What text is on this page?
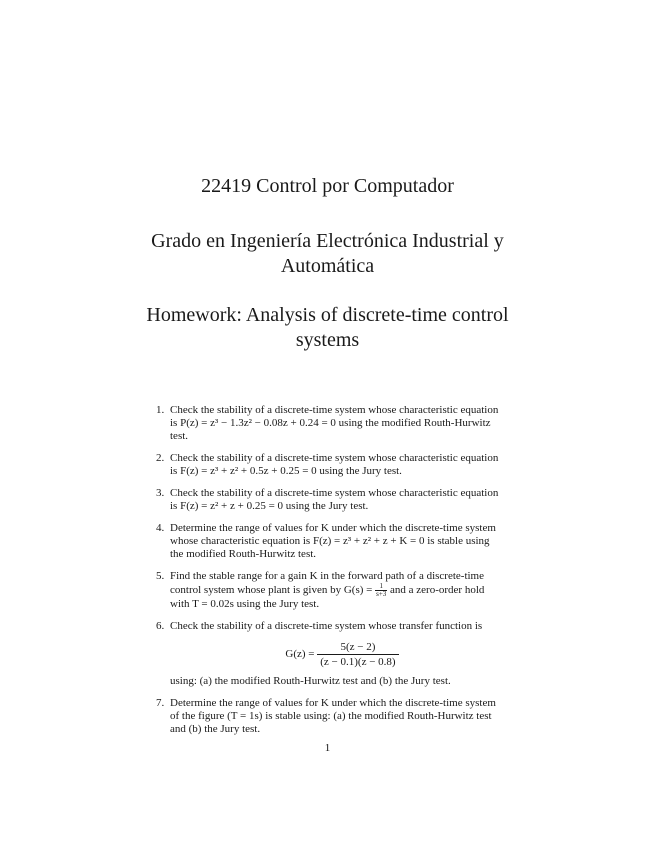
22419 Control por Computador
Grado en Ingeniería Electrónica Industrial y
Automática
Homework: Analysis of discrete-time control
systems
1. Check the stability of a discrete-time system whose characteristic equation
is P(z) = z³ − 1.3z² − 0.08z + 0.24 = 0 using the modified Routh-Hurwitz
test.
2. Check the stability of a discrete-time system whose characteristic equation
is F(z) = z³ + z² + 0.5z + 0.25 = 0 using the Jury test.
3. Check the stability of a discrete-time system whose characteristic equation
is F(z) = z² + z + 0.25 = 0 using the Jury test.
4. Determine the range of values for K under which the discrete-time system
whose characteristic equation is F(z) = z³ + z² + z + K = 0 is stable using
the modified Routh-Hurwitz test.
5. Find the stable range for a gain K in the forward path of a discrete-time
control system whose plant is given by $G(s) = \frac{1}{s+3}$ and a zero-order hold
with T = 0.02s using the Jury test.
6. Check the stability of a discrete-time system whose transfer function is
$G(z) = \frac{5(z - 2)}{(z - 0.1)(z - 0.8)}$
using: (a) the modified Routh-Hurwitz test and (b) the Jury test.
7. Determine the range of values for K under which the discrete-time system
of the figure (T = 1s) is stable using: (a) the modified Routh-Hurwitz test
and (b) the Jury test.
1
